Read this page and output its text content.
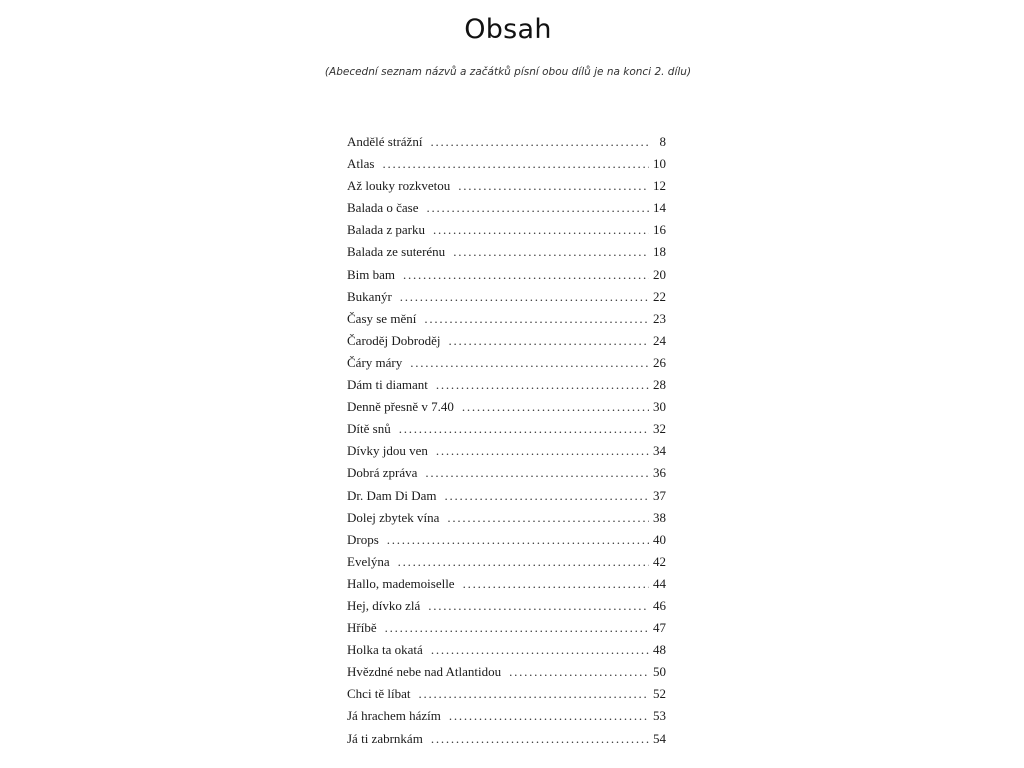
Obsah
(Abecední seznam názvů a začátků písní obou dílů je na konci 2. dílu)
Andělé strážní . . .	8
Atlas . . .	10
Až louky rozkvetou . . .	12
Balada o čase . . .	14
Balada z parku . . .	16
Balada ze suterénu . . .	18
Bim bam . . .	20
Bukanýr . . .	22
Časy se mění . . .	23
Čaroděj Dobroděj . . .	24
Čáry máry . . .	26
Dám ti diamant . . .	28
Denně přesně v 7.40 . . .	30
Dítě snů . . .	32
Dívky jdou ven . . .	34
Dobrá zpráva . . .	36
Dr. Dam Di Dam . . .	37
Dolej zbytek vína . . .	38
Drops . . .	40
Evelýna . . .	42
Hallo, mademoiselle . . .	44
Hej, dívko zlá . . .	46
Hříbě . . .	47
Holka ta okatá . . .	48
Hvězdné nebe nad Atlantidou . . .	50
Chci tě líbat . . .	52
Já hrachem házím . . .	53
Já ti zabrnkám . . .	54
